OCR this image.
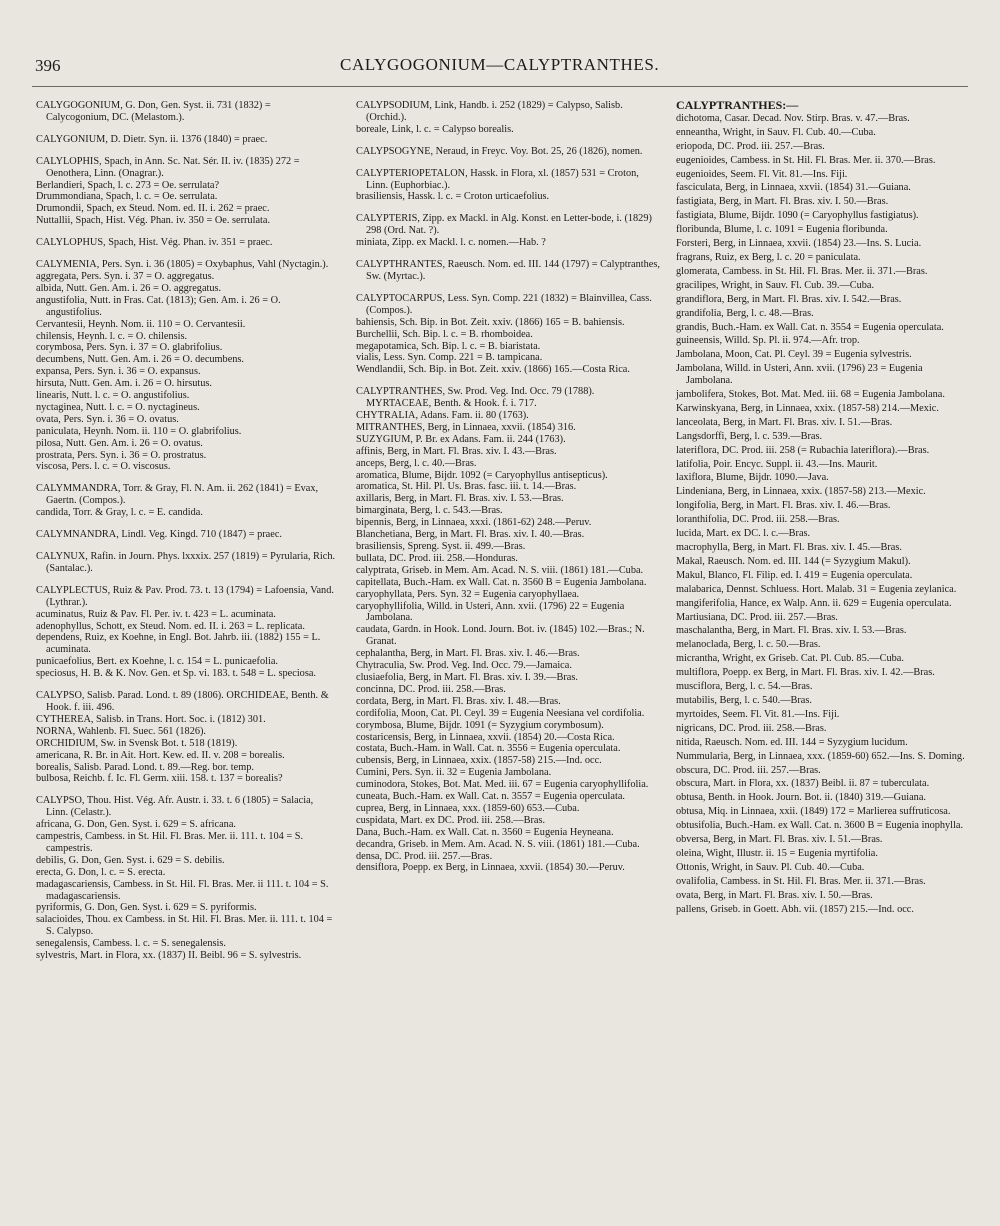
396	CALYGOGONIUM—CALYPTRANTHES.
CALYGOGONIUM, G. Don, Gen. Syst. ii. 731 (1832) = Calycogonium, DC. (Melastom.).
CALYGONIUM, D. Dietr. Syn. ii. 1376 (1840) = praec.
CALYLOPHIS, Spach, in Ann. Sc. Nat. Sér. II. iv. (1835) 272 = Oenothera, Linn. (Onagrar.).
Berlandieri, Spach, l. c. 273 = Oe. serrulata?
Drummondiana, Spach, l. c. = Oe. serrulata.
Drumondii, Spach, ex Steud. Nom. ed. II. i. 262 = praec.
Nuttallii, Spach, Hist. Vég. Phan. iv. 350 = Oe. serrulata.
CALYLOPHUS, Spach, Hist. Vég. Phan. iv. 351 = praec.
CALYMENIA, Pers. Syn. i. 36 (1805) = Oxybaphus, Vahl (Nyctagin.).
aggregata, Pers. Syn. i. 37 = O. aggregatus.
albida, Nutt. Gen. Am. i. 26 = O. aggregatus.
angustifolia, Nutt. in Fras. Cat. (1813); Gen. Am. i. 26 = O. angustifolius.
Cervantesii, Heynh. Nom. ii. 110 = O. Cervantesii.
chilensis, Heynh. l. c. = O. chilensis.
corymbosa, Pers. Syn. i. 37 = O. glabrifolius.
decumbens, Nutt. Gen. Am. i. 26 = O. decumbens.
expansa, Pers. Syn. i. 36 = O. expansus.
hirsuta, Nutt. Gen. Am. i. 26 = O. hirsutus.
linearis, Nutt. l. c. = O. angustifolius.
nyctaginea, Nutt. l. c. = O. nyctagineus.
ovata, Pers. Syn. i. 36 = O. ovatus.
paniculata, Heynh. Nom. ii. 110 = O. glabrifolius.
pilosa, Nutt. Gen. Am. i. 26 = O. ovatus.
prostrata, Pers. Syn. i. 36 = O. prostratus.
viscosa, Pers. l. c. = O. viscosus.
CALYMMANDRA, Torr. & Gray, Fl. N. Am. ii. 262 (1841) = Evax, Gaertn. (Compos.).
candida, Torr. & Gray, l. c. = E. candida.
CALYMNANDRA, Lindl. Veg. Kingd. 710 (1847) = praec.
CALYNUX, Rafin. in Journ. Phys. lxxxix. 257 (1819) = Pyrularia, Rich. (Santalac.).
CALYPLECTUS, Ruiz & Pav. Prod. 73. t. 13 (1794) = Lafoensia, Vand. (Lythrar.).
acuminatus, Ruiz & Pav. Fl. Per. iv. t. 423 = L. acuminata.
adenophyllus, Schott, ex Steud. Nom. ed. II. i. 263 = L. replicata.
dependens, Ruiz, ex Koehne, in Engl. Bot. Jahrb. iii. (1882) 155 = L. acuminata.
punicaefolius, Bert. ex Koehne, l. c. 154 = L. punicaefolia.
speciosus, H. B. & K. Nov. Gen. et Sp. vi. 183. t. 548 = L. speciosa.
CALYPSO, Salisb. Parad. Lond. t. 89 (1806). ORCHIDEAE, Benth. & Hook. f. iii. 496.
CYTHEREA, Salisb. in Trans. Hort. Soc. i. (1812) 301.
NORNA, Wahlenb. Fl. Suec. 561 (1826).
ORCHIDIUM, Sw. in Svensk Bot. t. 518 (1819).
americana, R. Br. in Ait. Hort. Kew. ed. II. v. 208 = borealis.
borealis, Salisb. Parad. Lond. t. 89.—Reg. bor. temp.
bulbosa, Reichb. f. Ic. Fl. Germ. xiii. 158. t. 137 = borealis?
CALYPSO, Thou. Hist. Vég. Afr. Austr. i. 33. t. 6 (1805) = Salacia, Linn. (Celastr.).
africana, G. Don, Gen. Syst. i. 629 = S. africana.
campestris, Cambess. in St. Hil. Fl. Bras. Mer. ii. 111. t. 104 = S. campestris.
debilis, G. Don, Gen. Syst. i. 629 = S. debilis.
erecta, G. Don, l. c. = S. erecta.
madagascariensis, Cambess. in St. Hil. Fl. Bras. Mer. ii 111. t. 104 = S. madagascariensis.
pyriformis, G. Don, Gen. Syst. i. 629 = S. pyriformis.
salacioides, Thou. ex Cambess. in St. Hil. Fl. Bras. Mer. ii. 111. t. 104 = S. Calypso.
senegalensis, Cambess. l. c. = S. senegalensis.
sylvestris, Mart. in Flora, xx. (1837) II. Beibl. 96 = S. sylvestris.
CALYPSODIUM, Link, Handb. i. 252 (1829) = Calypso, Salisb. (Orchid.).
boreale, Link, l. c. = Calypso borealis.
CALYPSOGYNE, Neraud, in Freyc. Voy. Bot. 25, 26 (1826), nomen.
CALYPTERIOPETALON, Hassk. in Flora, xl. (1857) 531 = Croton, Linn. (Euphorbiac.).
brasiliensis, Hassk. l. c. = Croton urticaefolius.
CALYPTERIS, Zipp. ex Mackl. in Alg. Konst. en Letter-bode, i. (1829) 298 (Ord. Nat. ?).
miniata, Zipp. ex Mackl. l. c. nomen.—Hab. ?
CALYPTHRANTES, Raeusch. Nom. ed. III. 144 (1797) = Calyptranthes, Sw. (Myrtac.).
CALYPTOCARPUS, Less. Syn. Comp. 221 (1832) = Blainvillea, Cass. (Compos.).
bahiensis, Sch. Bip. in Bot. Zeit. xxiv. (1866) 165 = B. bahiensis.
Burchellii, Sch. Bip. l. c. = B. rhomboidea.
megapotamica, Sch. Bip. l. c. = B. biaristata.
vialis, Less. Syn. Comp. 221 = B. tampicana.
Wendlandii, Sch. Bip. in Bot. Zeit. xxiv. (1866) 165.—Costa Rica.
CALYPTRANTHES, Sw. Prod. Veg. Ind. Occ. 79 (1788). MYRTACEAE, Benth. & Hook. f. i. 717.
CHYTRALIA, Adans. Fam. ii. 80 (1763).
MITRANTHES, Berg, in Linnaea, xxvii. (1854) 316.
SUZYGIUM, P. Br. ex Adans. Fam. ii. 244 (1763).
affinis, Berg, in Mart. Fl. Bras. xiv. I. 43.—Bras.
anceps, Berg, l. c. 40.—Bras.
aromatica, Blume, Bijdr. 1092 (= Caryophyllus antisepticus).
aromatica, St. Hil. Pl. Us. Bras. fasc. iii. t. 14.—Bras.
axillaris, Berg, in Mart. Fl. Bras. xiv. I. 53.—Bras.
bimarginata, Berg, l. c. 543.—Bras.
bipennis, Berg, in Linnaea, xxxi. (1861-62) 248.—Peruv.
Blanchetiana, Berg, in Mart. Fl. Bras. xiv. I. 40.—Bras.
brasiliensis, Spreng. Syst. ii. 499.—Bras.
bullata, DC. Prod. iii. 258.—Honduras.
calyptrata, Griseb. in Mem. Am. Acad. N. S. viii. (1861) 181.—Cuba.
capitellata, Buch.-Ham. ex Wall. Cat. n. 3560 B = Eugenia Jambolana.
caryophyllata, Pers. Syn. 32 = Eugenia caryophyllaea.
caryophyllifolia, Willd. in Usteri, Ann. xvii. (1796) 22 = Eugenia Jambolana.
caudata, Gardn. in Hook. Lond. Journ. Bot. iv. (1845) 102.—Bras.; N. Granat.
cephalantha, Berg, in Mart. Fl. Bras. xiv. I. 46.—Bras.
Chytraculia, Sw. Prod. Veg. Ind. Occ. 79.—Jamaica.
clusiaefolia, Berg, in Mart. Fl. Bras. xiv. I. 39.—Bras.
concinna, DC. Prod. iii. 258.—Bras.
cordata, Berg, in Mart. Fl. Bras. xiv. I. 48.—Bras.
cordifolia, Moon, Cat. Pl. Ceyl. 39 = Eugenia Neesiana vel cordifolia.
corymbosa, Blume, Bijdr. 1091 (= Syzygium corymbosum).
costaricensis, Berg, in Linnaea, xxvii. (1854) 20.—Costa Rica.
costata, Buch.-Ham. in Wall. Cat. n. 3556 = Eugenia operculata.
cubensis, Berg, in Linnaea, xxix. (1857-58) 215.—Ind. occ.
Cumini, Pers. Syn. ii. 32 = Eugenia Jambolana.
cuminodora, Stokes, Bot. Mat. Med. iii. 67 = Eugenia caryophyllifolia.
cuneata, Buch.-Ham. ex Wall. Cat. n. 3557 = Eugenia operculata.
cuprea, Berg, in Linnaea, xxx. (1859-60) 653.—Cuba.
cuspidata, Mart. ex DC. Prod. iii. 258.—Bras.
Dana, Buch.-Ham. ex Wall. Cat. n. 3560 = Eugenia Heyneana.
decandra, Griseb. in Mem. Am. Acad. N. S. viii. (1861) 181.—Cuba.
densa, DC. Prod. iii. 257.—Bras.
densiflora, Poepp. ex Berg, in Linnaea, xxvii. (1854) 30.—Peruv.
CALYPTRANTHES:—
dichotoma, Casar. Decad. Nov. Stirp. Bras. v. 47.—Bras.
enneantha, Wright, in Sauv. Fl. Cub. 40.—Cuba.
eriopoda, DC. Prod. iii. 257.—Bras.
eugenioides, Cambess. in St. Hil. Fl. Bras. Mer. ii. 370.—Bras.
eugenioides, Seem. Fl. Vit. 81.—Ins. Fiji.
fasciculata, Berg, in Linnaea, xxvii. (1854) 31.—Guiana.
fastigiata, Berg, in Mart. Fl. Bras. xiv. I. 50.—Bras.
fastigiata, Blume, Bijdr. 1090 (= Caryophyllus fastigiatus).
floribunda, Blume, l. c. 1091 = Eugenia floribunda.
Forsteri, Berg, in Linnaea, xxvii. (1854) 23.—Ins. S. Lucia.
fragrans, Ruiz, ex Berg, l. c. 20 = paniculata.
glomerata, Cambess. in St. Hil. Fl. Bras. Mer. ii. 371.—Bras.
gracilipes, Wright, in Sauv. Fl. Cub. 39.—Cuba.
grandiflora, Berg, in Mart. Fl. Bras. xiv. I. 542.—Bras.
grandifolia, Berg, l. c. 48.—Bras.
grandis, Buch.-Ham. ex Wall. Cat. n. 3554 = Eugenia operculata.
guineensis, Willd. Sp. Pl. ii. 974.—Afr. trop.
Jambolana, Moon, Cat. Pl. Ceyl. 39 = Eugenia sylvestris.
Jambolana, Willd. in Usteri, Ann. xvii. (1796) 23 = Eugenia Jambolana.
jambolifera, Stokes, Bot. Mat. Med. iii. 68 = Eugenia Jambolana.
Karwinskyana, Berg, in Linnaea, xxix. (1857-58) 214.—Mexic.
lanceolata, Berg, in Mart. Fl. Bras. xiv. I. 51.—Bras.
Langsdorffi, Berg, l. c. 539.—Bras.
lateriflora, DC. Prod. iii. 258 (= Rubachia lateriflora).—Bras.
latifolia, Poir. Encyc. Suppl. ii. 43.—Ins. Maurit.
laxiflora, Blume, Bijdr. 1090.—Java.
Lindeniana, Berg, in Linnaea, xxix. (1857-58) 213.—Mexic.
longifolia, Berg, in Mart. Fl. Bras. xiv. I. 46.—Bras.
loranthifolia, DC. Prod. iii. 258.—Bras.
lucida, Mart. ex DC. l. c.—Bras.
macrophylla, Berg, in Mart. Fl. Bras. xiv. I. 45.—Bras.
Makal, Raeusch. Nom. ed. III. 144 (= Syzygium Makul).
Makul, Blanco, Fl. Filip. ed. I. 419 = Eugenia operculata.
malabarica, Dennst. Schluess. Hort. Malab. 31 = Eugenia zeylanica.
mangiferifolia, Hance, ex Walp. Ann. ii. 629 = Eugenia operculata.
Martiusiana, DC. Prod. iii. 257.—Bras.
maschalantha, Berg, in Mart. Fl. Bras. xiv. I. 53.—Bras.
melanoclada, Berg, l. c. 50.—Bras.
micrantha, Wright, ex Griseb. Cat. Pl. Cub. 85.—Cuba.
multiflora, Poepp. ex Berg, in Mart. Fl. Bras. xiv. I. 42.—Bras.
musciflora, Berg, l. c. 54.—Bras.
mutabilis, Berg, l. c. 540.—Bras.
myrtoides, Seem. Fl. Vit. 81.—Ins. Fiji.
nigricans, DC. Prod. iii. 258.—Bras.
nitida, Raeusch. Nom. ed. III. 144 = Syzygium lucidum.
Nummularia, Berg, in Linnaea, xxx. (1859-60) 652.—Ins. S. Doming.
obscura, DC. Prod. iii. 257.—Bras.
obscura, Mart. in Flora, xx. (1837) Beibl. ii. 87 = tuberculata.
obtusa, Benth. in Hook. Journ. Bot. ii. (1840) 319.—Guiana.
obtusa, Miq. in Linnaea, xxii. (1849) 172 = Marlierea suffruticosa.
obtusifolia, Buch.-Ham. ex Wall. Cat. n. 3600 B = Eugenia inophylla.
obversa, Berg, in Mart. Fl. Bras. xiv. I. 51.—Bras.
oleina, Wight, Illustr. ii. 15 = Eugenia myrtifolia.
Ottonis, Wright, in Sauv. Pl. Cub. 40.—Cuba.
ovalifolia, Cambess. in St. Hil. Fl. Bras. Mer. ii. 371.—Bras.
ovata, Berg, in Mart. Fl. Bras. xiv. I. 50.—Bras.
pallens, Griseb. in Goett. Abh. vii. (1857) 215.—Ind. occ.
